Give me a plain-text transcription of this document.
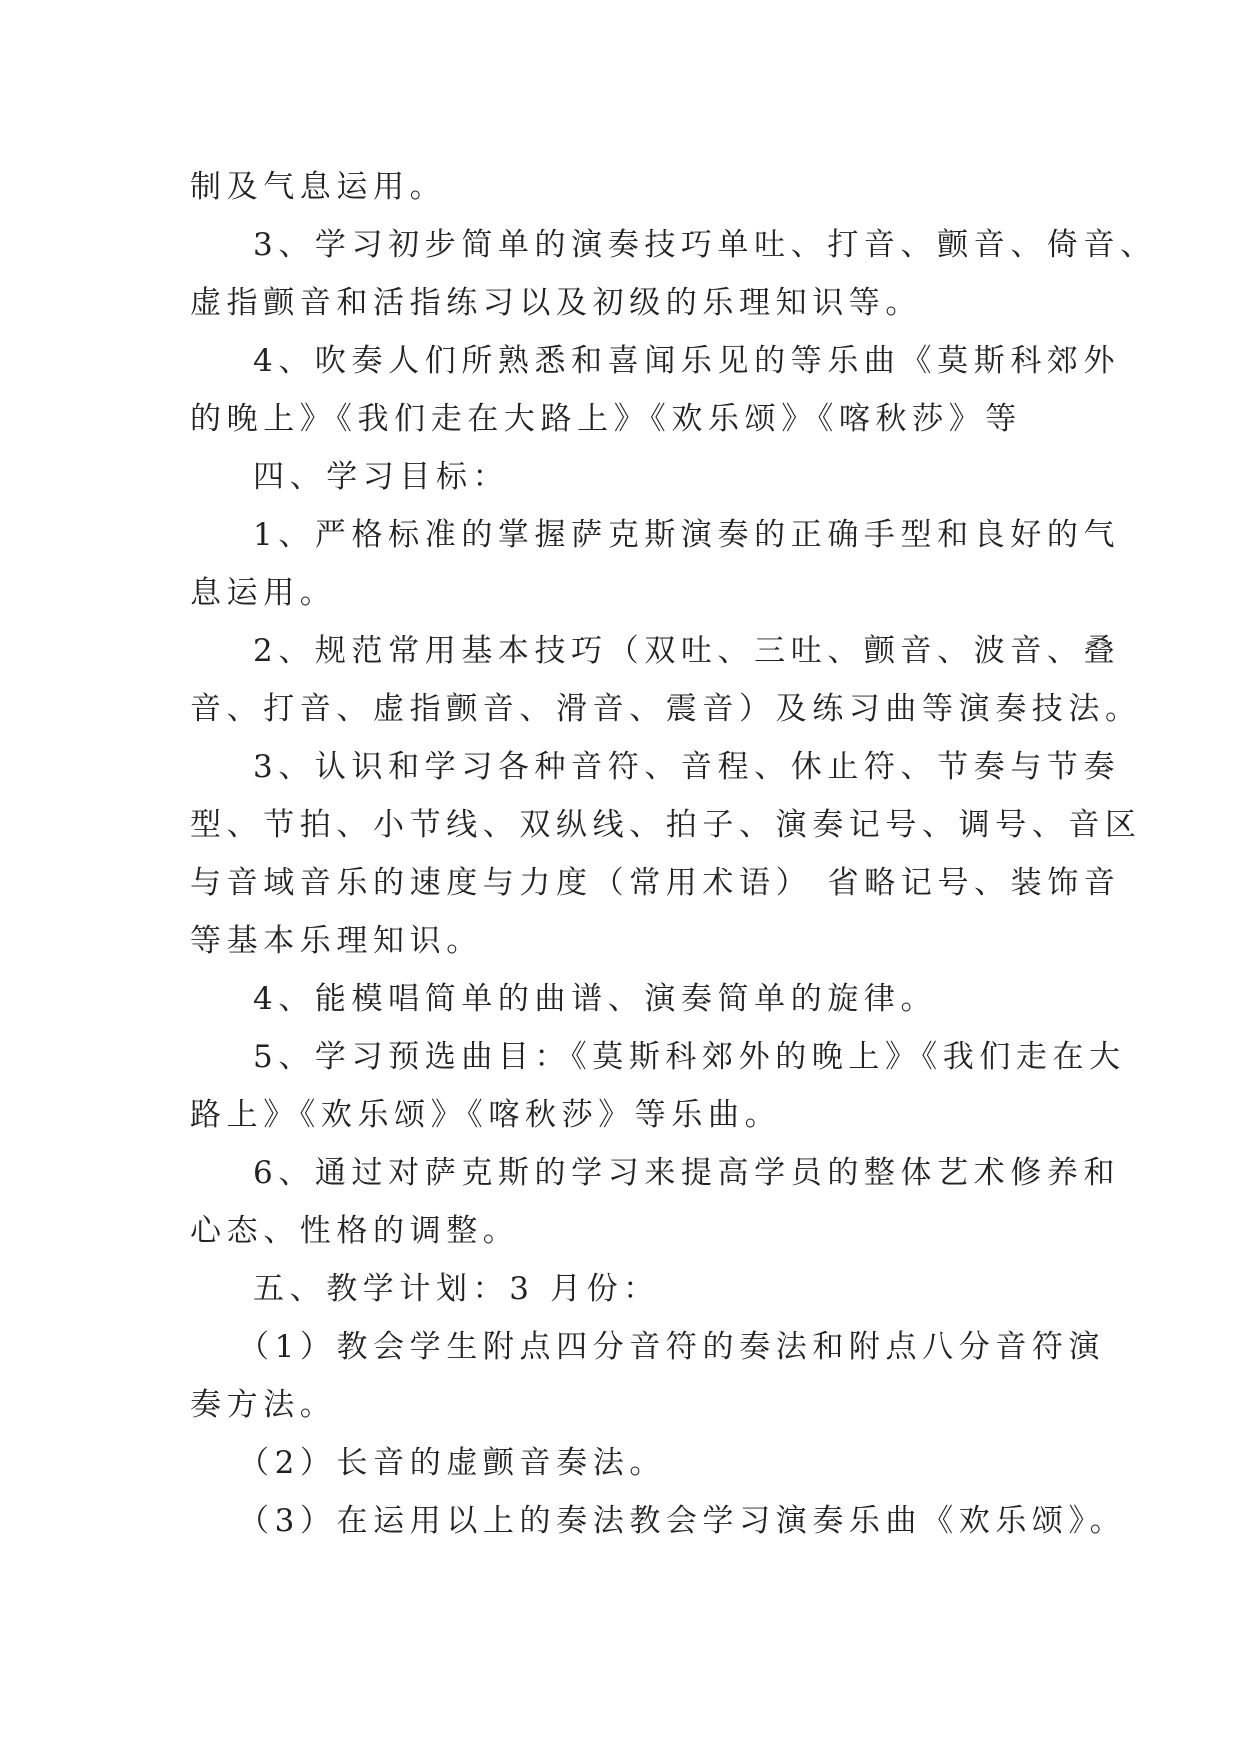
制及气息运用。
3、学习初步简单的演奏技巧单吐、打音、颤音、倚音、
虚指颤音和活指练习以及初级的乐理知识等。
4、吹奏人们所熟悉和喜闻乐见的等乐曲《莫斯科郊外
的晚上》《我们走在大路上》《欢乐颂》《喀秋莎》等
四、学习目标：
1、严格标准的掌握萨克斯演奏的正确手型和良好的气
息运用。
2、规范常用基本技巧（双吐、三吐、颤音、波音、叠
音、打音、虚指颤音、滑音、震音）及练习曲等演奏技法。
3、认识和学习各种音符、音程、休止符、节奏与节奏
型、节拍、小节线、双纵线、拍子、演奏记号、调号、音区
与音域音乐的速度与力度（常用术语） 省略记号、装饰音
等基本乐理知识。
4、能模唱简单的曲谱、演奏简单的旋律。
5、学习预选曲目：《莫斯科郊外的晚上》《我们走在大
路上》《欢乐颂》《喀秋莎》等乐曲。
6、通过对萨克斯的学习来提高学员的整体艺术修养和
心态、性格的调整。
五、教学计划：3 月份：
（1）教会学生附点四分音符的奏法和附点八分音符演
奏方法。
（2）长音的虚颤音奏法。
（3）在运用以上的奏法教会学习演奏乐曲《欢乐颂》。
